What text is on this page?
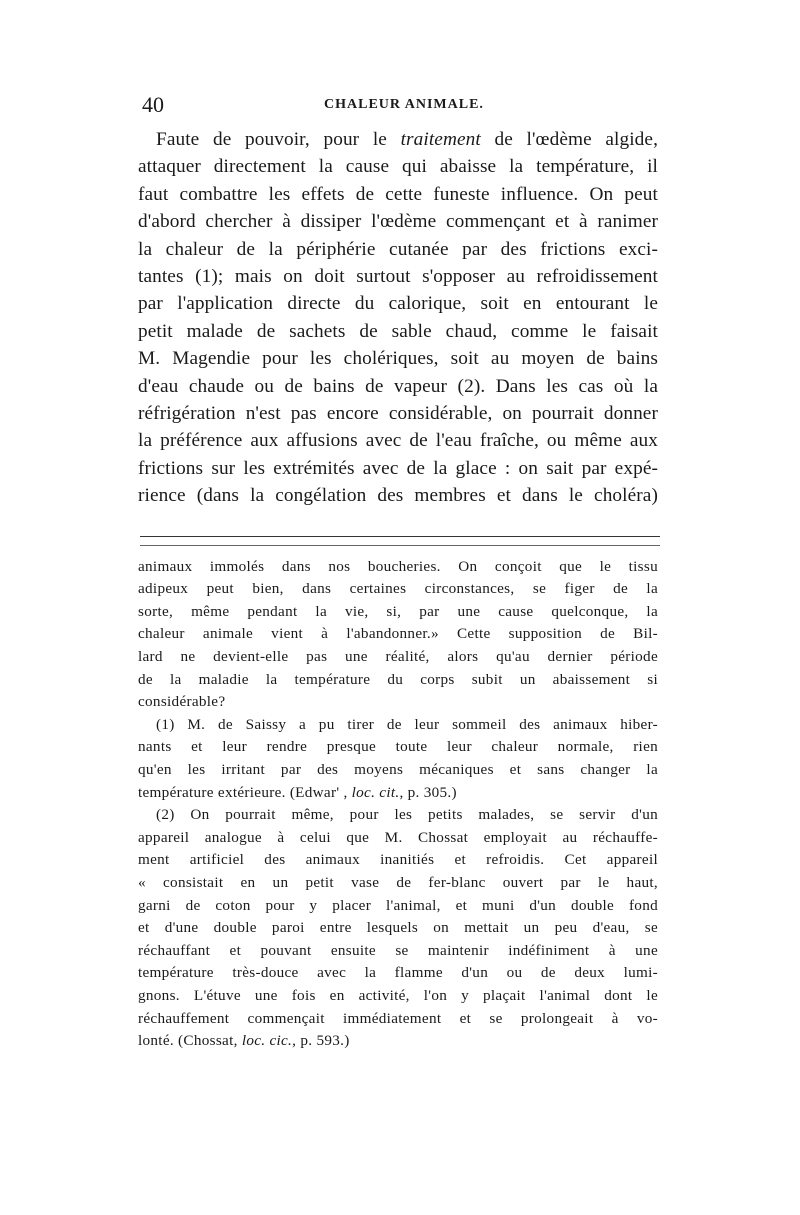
40	CHALEUR ANIMALE.
Faute de pouvoir, pour le traitement de l'œdème algide,
attaquer directement la cause qui abaisse la température, il
faut combattre les effets de cette funeste influence. On peut
d'abord chercher à dissiper l'œdème commençant et à ranimer
la chaleur de la périphérie cutanée par des frictions exci-
tantes (1); mais on doit surtout s'opposer au refroidissement
par l'application directe du calorique, soit en entourant le
petit malade de sachets de sable chaud, comme le faisait
M. Magendie pour les cholériques, soit au moyen de bains
d'eau chaude ou de bains de vapeur (2). Dans les cas où la
réfrigération n'est pas encore considérable, on pourrait donner
la préférence aux affusions avec de l'eau fraîche, ou même aux
frictions sur les extrémités avec de la glace : on sait par expé-
rience (dans la congélation des membres et dans le choléra)
animaux immolés dans nos boucheries. On conçoit que le tissu
adipeux peut bien, dans certaines circonstances, se figer de la
sorte, même pendant la vie, si, par une cause quelconque, la
chaleur animale vient à l'abandonner.» Cette supposition de Bil-
lard ne devient-elle pas une réalité, alors qu'au dernier période
de la maladie la température du corps subit un abaissement si
considérable?
(1) M. de Saissy a pu tirer de leur sommeil des animaux hiber-
nants et leur rendre presque toute leur chaleur normale, rien
qu'en les irritant par des moyens mécaniques et sans changer la
température extérieure. (Edwar' , loc. cit., p. 305.)
(2) On pourrait même, pour les petits malades, se servir d'un
appareil analogue à celui que M. Chossat employait au réchauffe-
ment artificiel des animaux inanitiés et refroidis. Cet appareil
« consistait en un petit vase de fer-blanc ouvert par le haut,
garni de coton pour y placer l'animal, et muni d'un double fond
et d'une double paroi entre lesquels on mettait un peu d'eau, se
réchauffant et pouvant ensuite se maintenir indéfiniment à une
température très-douce avec la flamme d'un ou de deux lumi-
gnons. L'étuve une fois en activité, l'on y plaçait l'animal dont le
réchauffement commençait immédiatement et se prolongeait à vo-
lonté. (Chossat, loc. cic., p. 593.)
